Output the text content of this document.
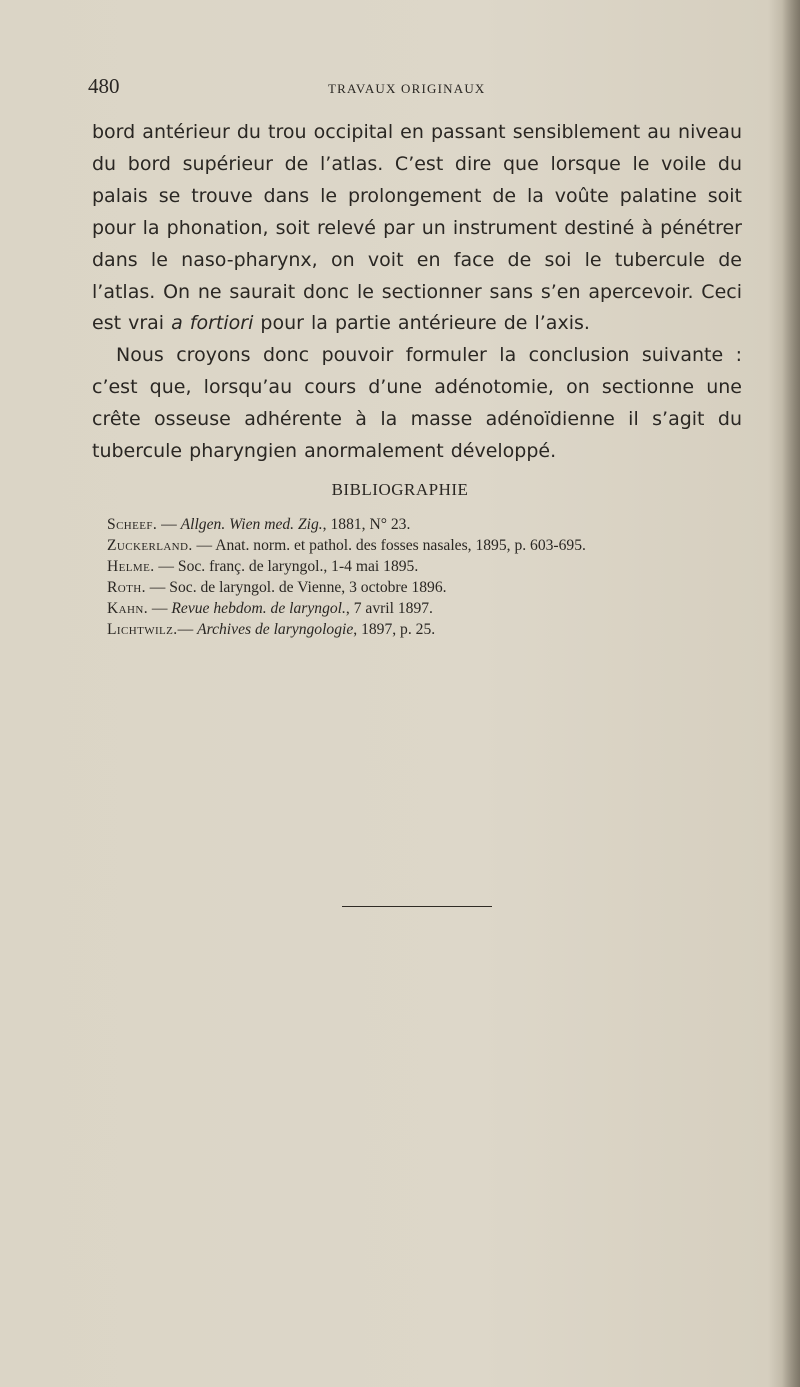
480	TRAVAUX ORIGINAUX

bord antérieur du trou occipital en passant sensiblement au niveau du bord supérieur de l’atlas. C’est dire que lorsque le voile du palais se trouve dans le prolongement de la voûte palatine soit pour la phonation, soit relevé par un instrument destiné à pénétrer dans le naso-pharynx, on voit en face de soi le tubercule de l’atlas. On ne saurait donc le sectionner sans s’en apercevoir. Ceci est vrai a fortiori pour la partie antérieure de l’axis.

Nous croyons donc pouvoir formuler la conclusion suivante : c’est que, lorsqu’au cours d’une adénotomie, on sectionne une crête osseuse adhérente à la masse adénoïdienne il s’agit du tubercule pharyngien anormalement développé.

BIBLIOGRAPHIE
Scheef. — Allgen. Wien med. Zig., 1881, N° 23.
Zuckerland. — Anat. norm. et pathol. des fosses nasales, 1895, p. 603-695.
Helme. — Soc. franç. de laryngol., 1-4 mai 1895.
Roth. — Soc. de laryngol. de Vienne, 3 octobre 1896.
Kahn. — Revue hebdom. de laryngol., 7 avril 1897.
Lichtwilz.— Archives de laryngologie, 1897, p. 25.
